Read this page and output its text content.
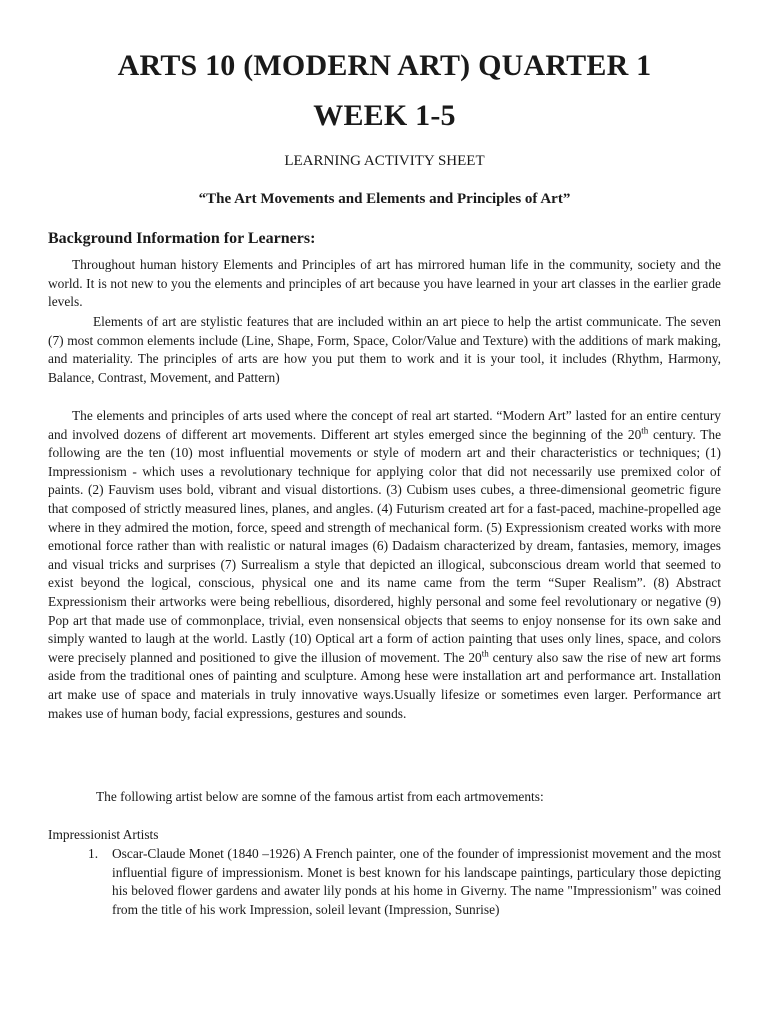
ARTS 10 (MODERN ART) QUARTER 1
WEEK 1-5
LEARNING ACTIVITY SHEET
“The Art Movements and Elements and Principles of Art”
Background Information for Learners:

Throughout human history Elements and Principles of art has mirrored human life in the community, society and the world. It is not new to you the elements and principles of art because you have learned in your art classes in the earlier grade levels.

Elements of art are stylistic features that are included within an art piece to help the artist communicate. The seven (7) most common elements include (Line, Shape, Form, Space, Color/Value and Texture) with the additions of mark making, and materiality. The principles of arts are how you put them to work and it is your tool, it includes (Rhythm, Harmony, Balance, Contrast, Movement, and Pattern)

The elements and principles of arts used where the concept of real art started. “Modern Art” lasted for an entire century and involved dozens of different art movements. Different art styles emerged since the beginning of the 20th century. The following are the ten (10) most influential movements or style of modern art and their characteristics or techniques; (1) Impressionism - which uses a revolutionary technique for applying color that did not necessarily use premixed color of paints. (2) Fauvism uses bold, vibrant and visual distortions. (3) Cubism uses cubes, a three-dimensional geometric figure that composed of strictly measured lines, planes, and angles. (4) Futurism created art for a fast-paced, machine-propelled age where in they admired the motion, force, speed and strength of mechanical form. (5) Expressionism created works with more emotional force rather than with realistic or natural images (6) Dadaism characterized by dream, fantasies, memory, images and visual tricks and surprises (7) Surrealism a style that depicted an illogical, subconscious dream world that seemed to exist beyond the logical, conscious, physical one and its name came from the term “Super Realism”. (8) Abstract Expressionism their artworks were being rebellious, disordered, highly personal and some feel revolutionary or negative (9) Pop art that made use of commonplace, trivial, even nonsensical objects that seems to enjoy nonsense for its own sake and simply wanted to laugh at the world. Lastly (10) Optical art a form of action painting that uses only lines, space, and colors were precisely planned and positioned to give the illusion of movement. The 20th century also saw the rise of new art forms aside from the traditional ones of painting and sculpture. Among hese were installation art and performance art. Installation art make use of space and materials in truly innovative ways.Usually lifesize or sometimes even larger. Performance art makes use of human body, facial expressions, gestures and sounds.

The following artist below are somne of the famous artist from each artmovements:

Impressionist Artists
1. Oscar-Claude Monet (1840 –1926) A French painter, one of the founder of impressionist movement and the most influential figure of impressionism. Monet is best known for his landscape paintings, particulary those depicting his beloved flower gardens and awater lily ponds at his home in Giverny. The name "Impressionism" was coined from the title of his work Impression, soleil levant (Impression, Sunrise)
